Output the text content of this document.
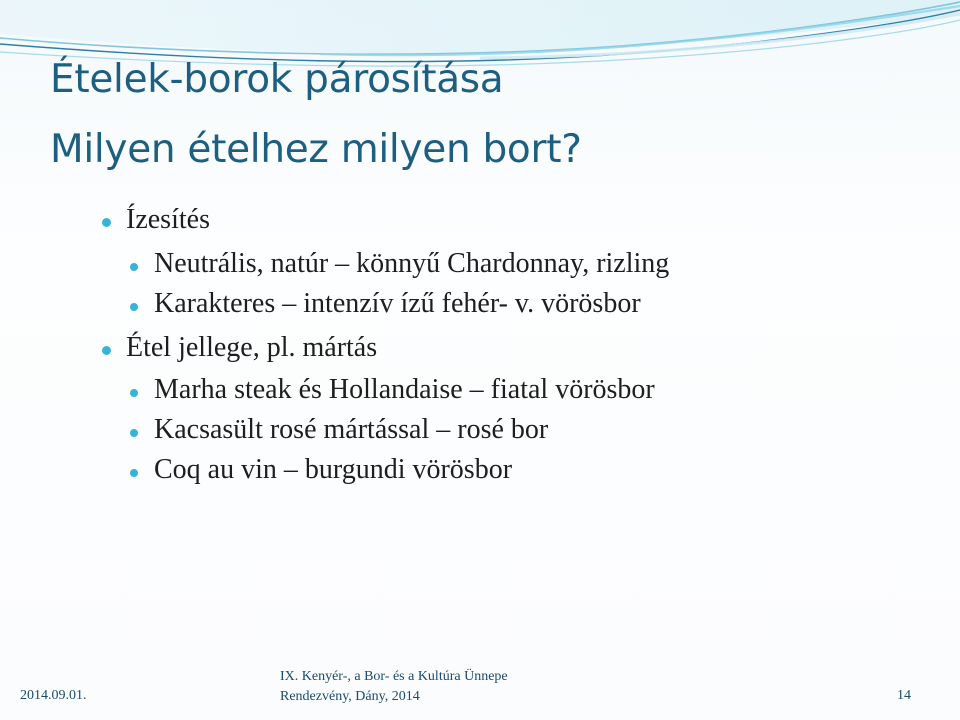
Ételek-borok párosítása
Milyen ételhez milyen bort?
Ízesítés
Neutrális, natúr – könnyű Chardonnay, rizling
Karakteres – intenzív ízű fehér- v. vörösbor
Étel jellege, pl. mártás
Marha steak és Hollandaise – fiatal vörösbor
Kacsasült rosé mártással – rosé bor
Coq au vin – burgundi vörösbor
2014.09.01.
IX. Kenyér-, a Bor- és a Kultúra Ünnepe
Rendezvény, Dány, 2014	14
